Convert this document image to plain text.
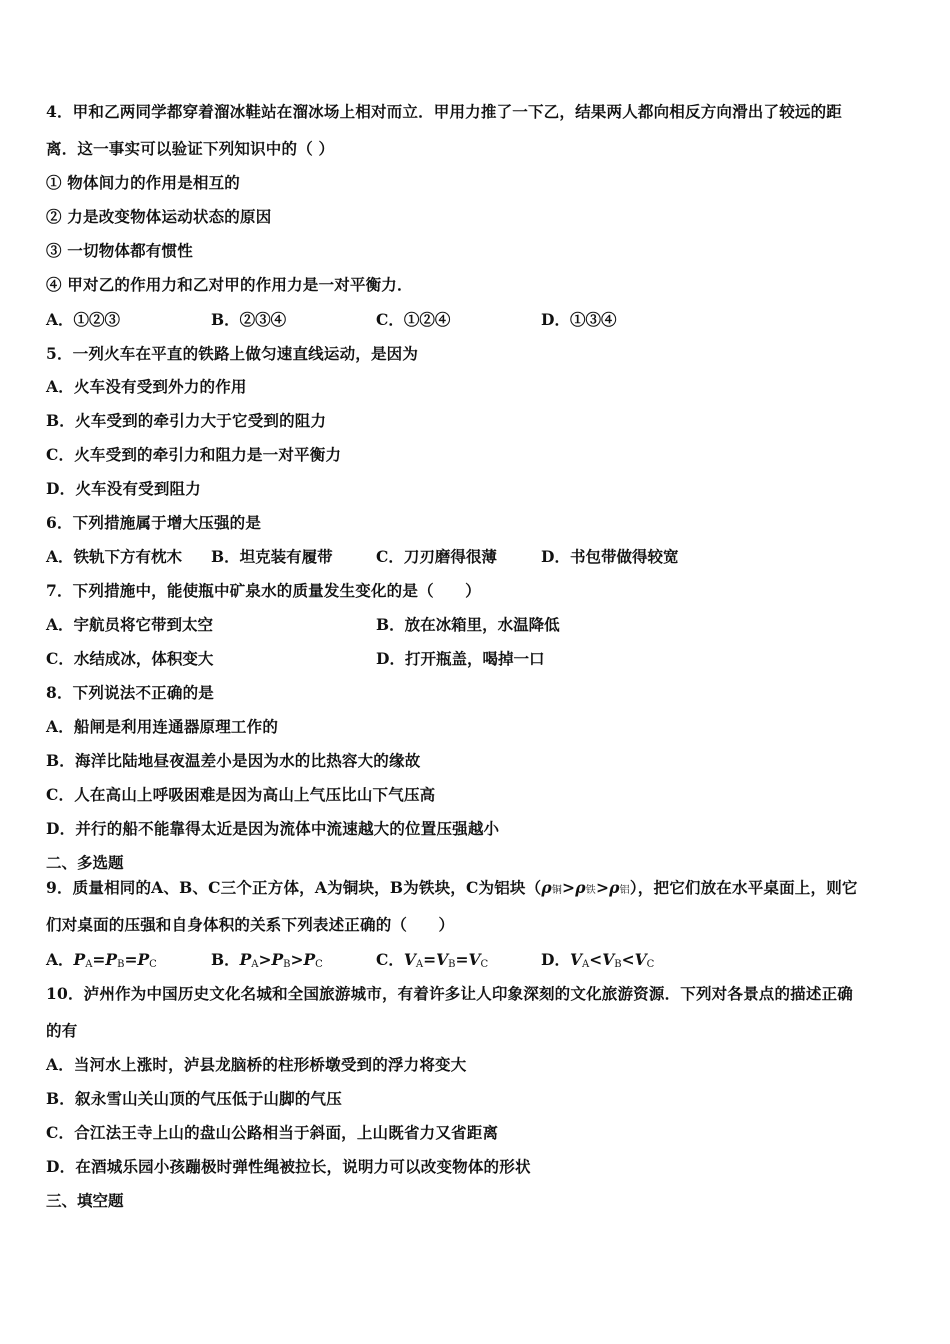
4．甲和乙两同学都穿着溜冰鞋站在溜冰场上相对而立．甲用力推了一下乙，结果两人都向相反方向滑出了较远的距
离．这一事实可以验证下列知识中的（ ）
① 物体间力的作用是相互的
② 力是改变物体运动状态的原因
③ 一切物体都有惯性
④ 甲对乙的作用力和乙对甲的作用力是一对平衡力．
A．①②③	B．②③④	C．①②④	D．①③④
5．一列火车在平直的铁路上做匀速直线运动，是因为
A．火车没有受到外力的作用
B．火车受到的牵引力大于它受到的阻力
C．火车受到的牵引力和阻力是一对平衡力
D．火车没有受到阻力
6．下列措施属于增大压强的是
A．铁轨下方有枕木 B．坦克装有履带	C．刀刃磨得很薄	D．书包带做得较宽
7．下列措施中，能使瓶中矿泉水的质量发生变化的是（　　）
A．宇航员将它带到太空	B．放在冰箱里，水温降低
C．水结成冰，体积变大	D．打开瓶盖，喝掉一口
8．下列说法不正确的是
A．船闸是利用连通器原理工作的
B．海洋比陆地昼夜温差小是因为水的比热容大的缘故
C．人在高山上呼吸困难是因为高山上气压比山下气压高
D．并行的船不能靠得太近是因为流体中流速越大的位置压强越小
二、多选题
9．质量相同的A、B、C三个正方体，A为铜块，B为铁块，C为铝块（ρ铜>ρ铁>ρ铝），把它们放在水平桌面上，则它
们对桌面的压强和自身体积的关系下列表述正确的（　　）
A．$P_A=P_B=P_C$	B．$P_A>P_B>P_C$	C．$V_A=V_B=V_C$	D．$V_A<V_B<V_C$
10．泸州作为中国历史文化名城和全国旅游城市，有着许多让人印象深刻的文化旅游资源．下列对各景点的描述正确
的有
A．当河水上涨时，泸县龙脑桥的柱形桥墩受到的浮力将变大
B．叙永雪山关山顶的气压低于山脚的气压
C．合江法王寺上山的盘山公路相当于斜面，上山既省力又省距离
D．在酒城乐园小孩蹦极时弹性绳被拉长，说明力可以改变物体的形状
三、填空题
